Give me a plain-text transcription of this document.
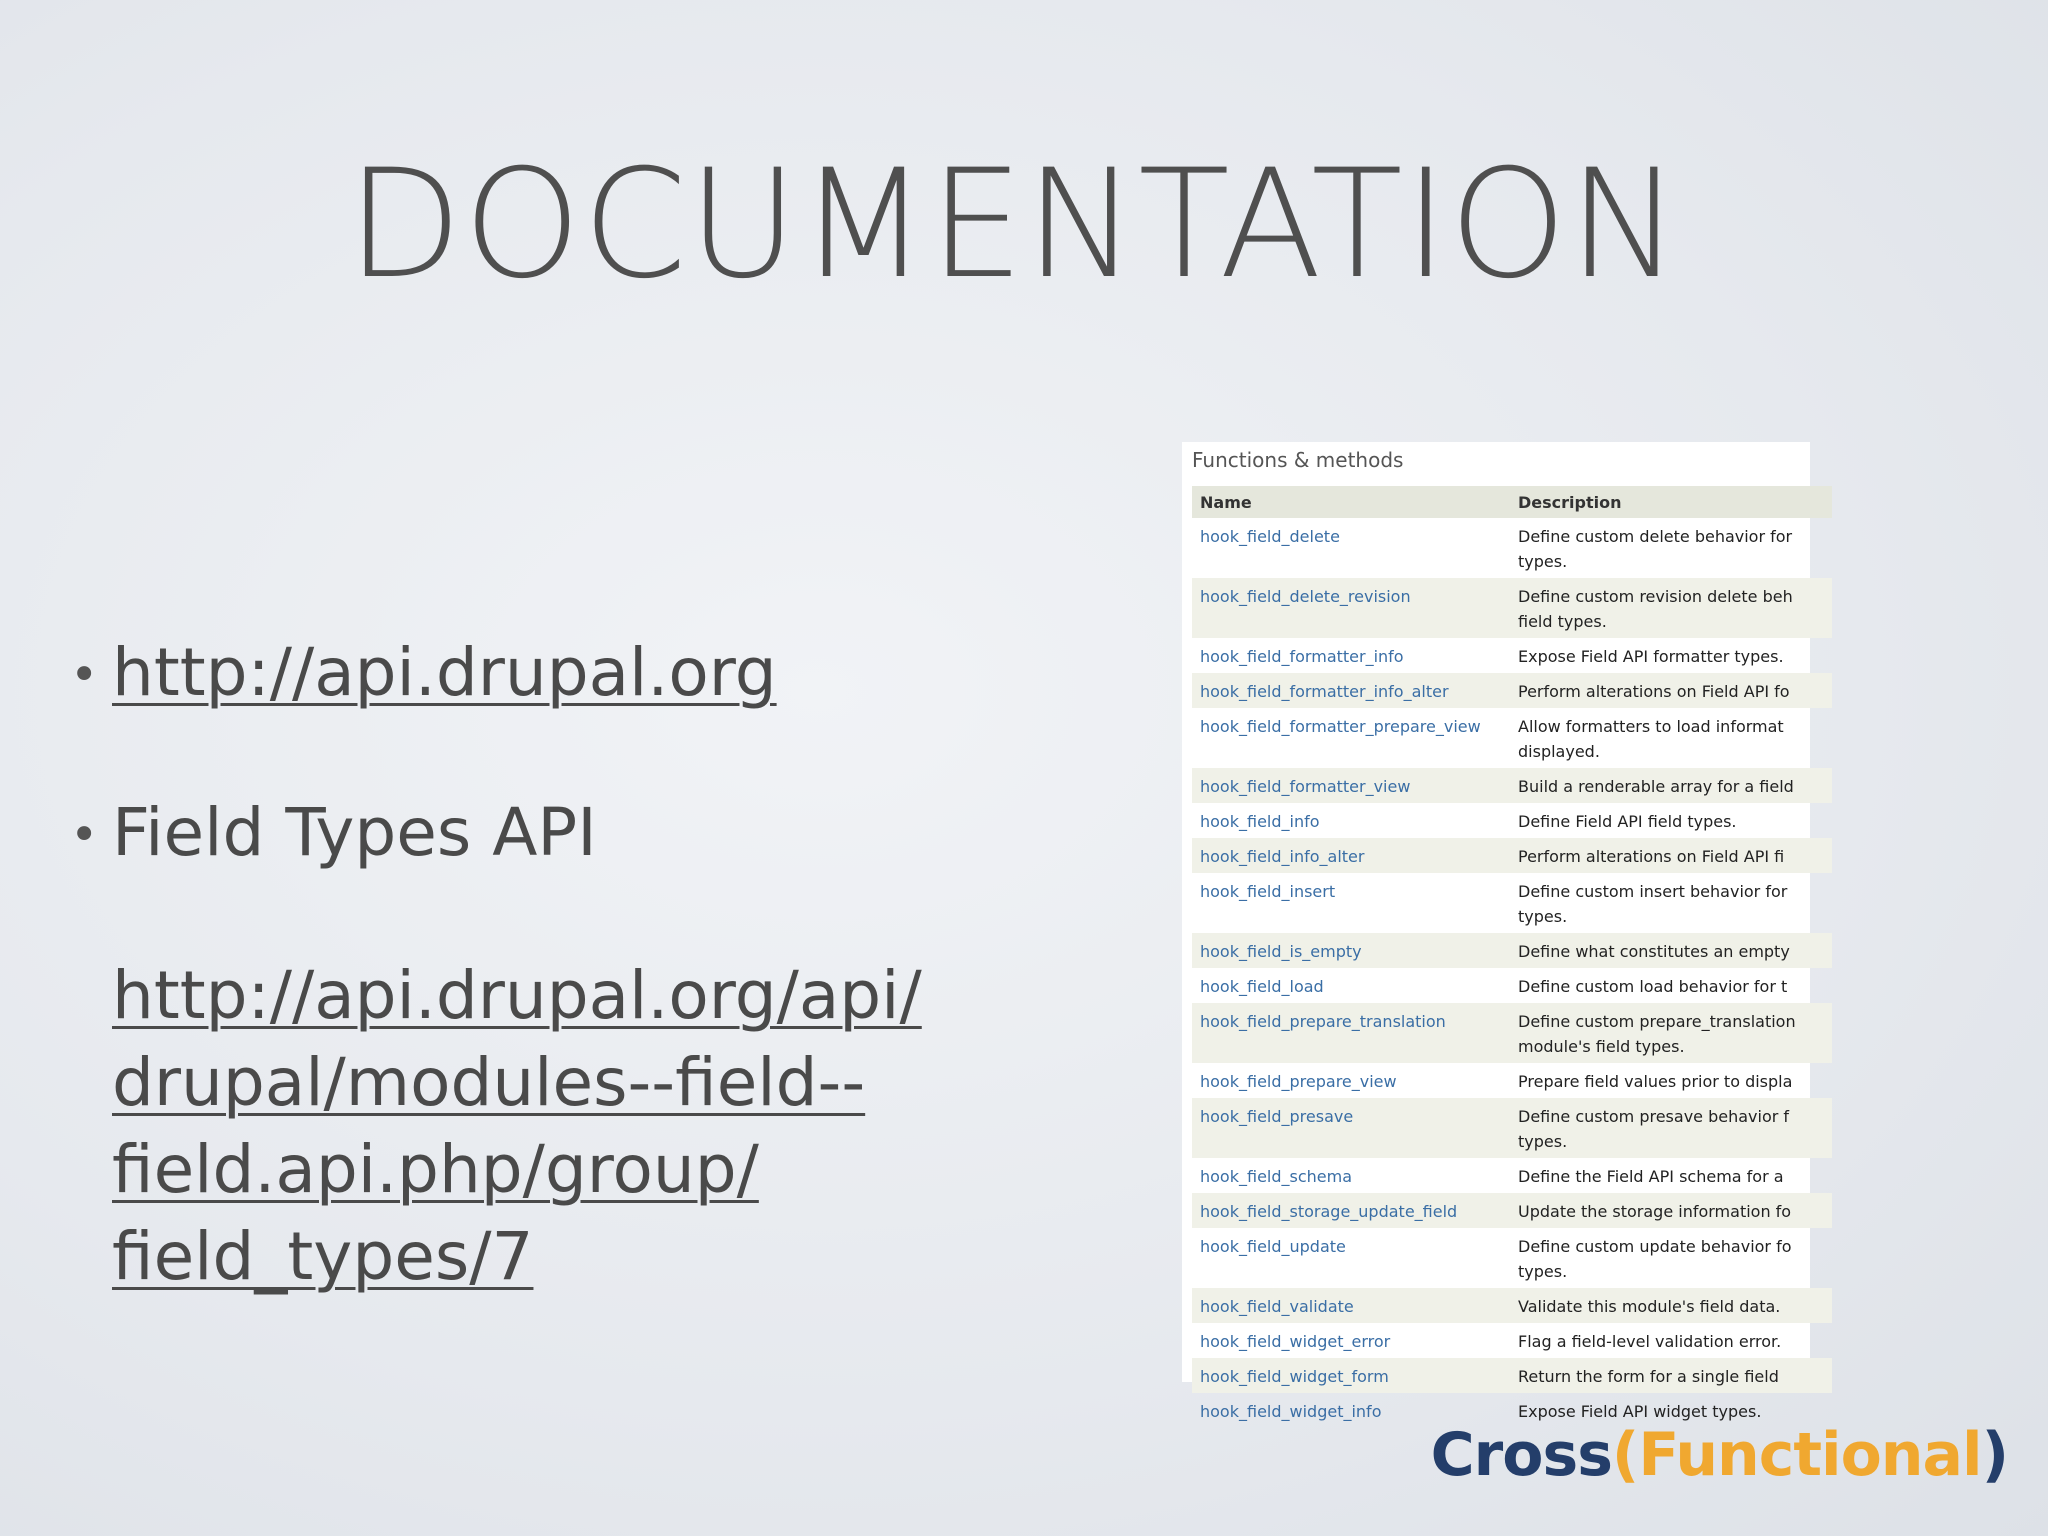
DOCUMENTATION
• http://api.drupal.org
• Field Types API
http://api.drupal.org/api/
drupal/modules--field--
field.api.php/group/
field_types/7
Functions & methods
Name	Description
hook_field_delete	Define custom delete behavior for
types.

hook_field_delete_revision	Define custom revision delete beh
field types.

hook_field_formatter_info	Expose Field API formatter types.

hook_field_formatter_info_alter	Perform alterations on Field API fo

hook_field_formatter_prepare_view	Allow formatters to load informat
displayed.

hook_field_formatter_view	Build a renderable array for a field

hook_field_info	Define Field API field types.

hook_field_info_alter	Perform alterations on Field API fi

hook_field_insert	Define custom insert behavior for
types.

hook_field_is_empty	Define what constitutes an empty

hook_field_load	Define custom load behavior for t

hook_field_prepare_translation	Define custom prepare_translation
module's field types.

hook_field_prepare_view	Prepare field values prior to displa

hook_field_presave	Define custom presave behavior f
types.

hook_field_schema	Define the Field API schema for a

hook_field_storage_update_field	Update the storage information fo

hook_field_update	Define custom update behavior fo
types.

hook_field_validate	Validate this module's field data.

hook_field_widget_error	Flag a field-level validation error.

hook_field_widget_form	Return the form for a single field

hook_field_widget_info	Expose Field API widget types.
Cross(Functional)
